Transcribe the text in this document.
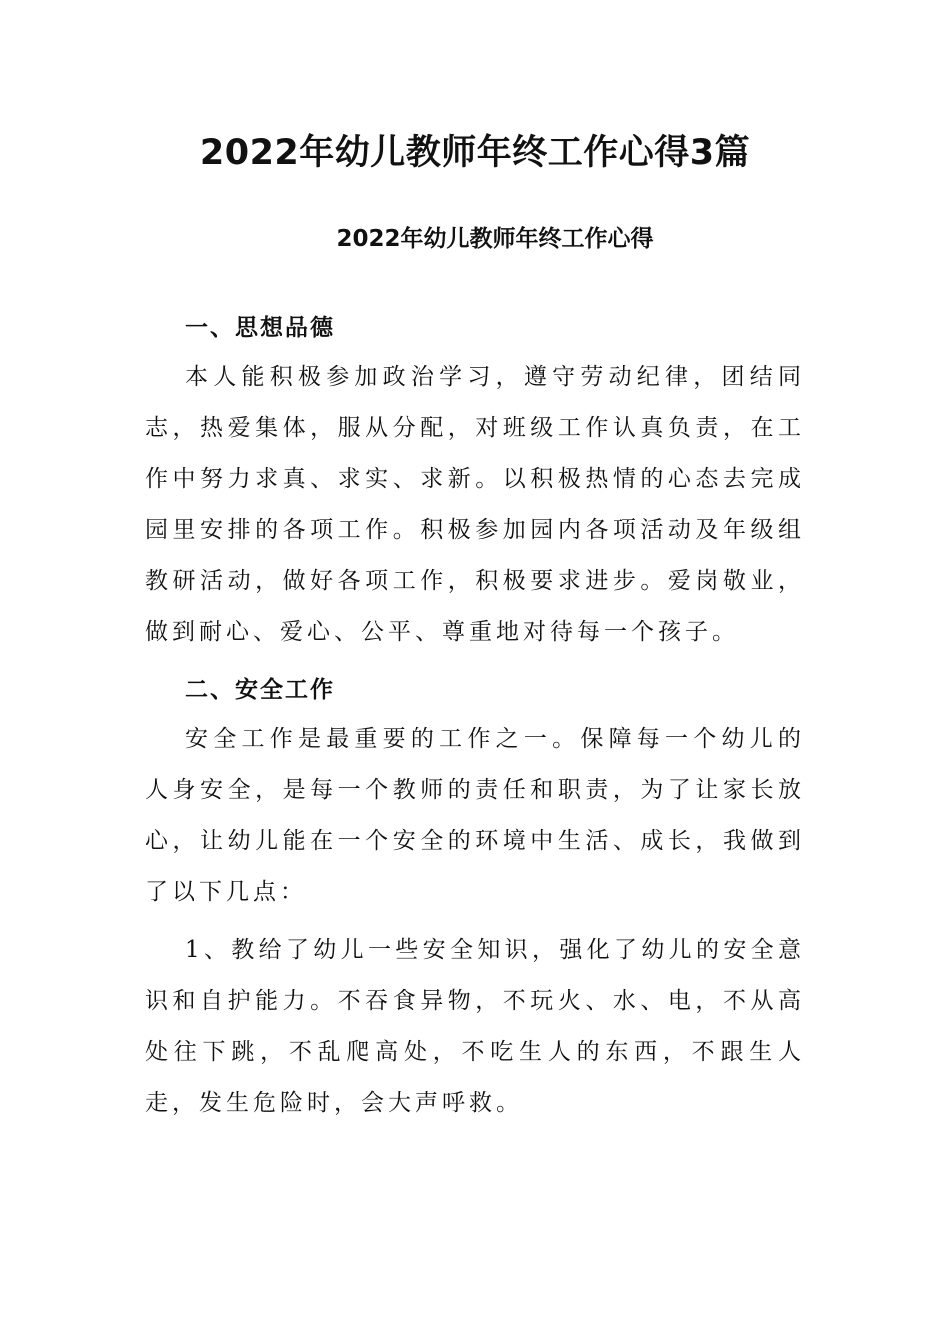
2022年幼儿教师年终工作心得3篇
2022年幼儿教师年终工作心得
一、思想品德
本人能积极参加政治学习，遵守劳动纪律，团结同志，热爱集体，服从分配，对班级工作认真负责，在工作中努力求真、求实、求新。以积极热情的心态去完成园里安排的各项工作。积极参加园内各项活动及年级组教研活动，做好各项工作，积极要求进步。爱岗敬业，做到耐心、爱心、公平、尊重地对待每一个孩子。
二、安全工作
安全工作是最重要的工作之一。保障每一个幼儿的人身安全，是每一个教师的责任和职责，为了让家长放心，让幼儿能在一个安全的环境中生活、成长，我做到了以下几点：
1、教给了幼儿一些安全知识，强化了幼儿的安全意识和自护能力。不吞食异物，不玩火、水、电，不从高处往下跳，不乱爬高处，不吃生人的东西，不跟生人走，发生危险时，会大声呼救。
